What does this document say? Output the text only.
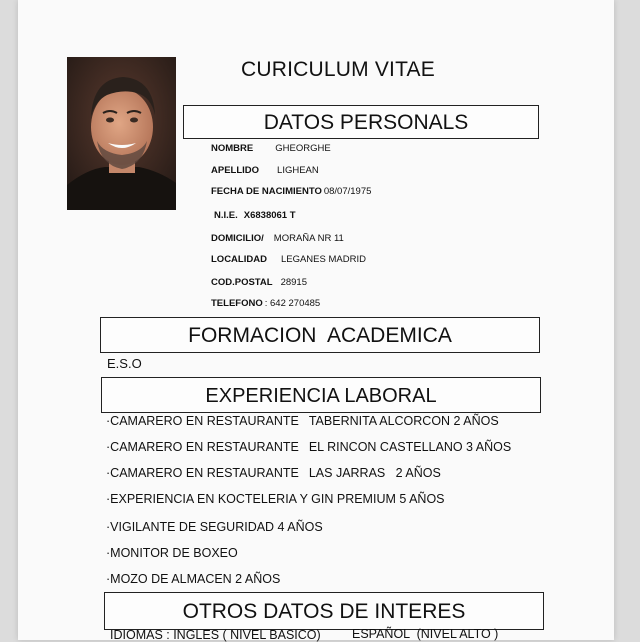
CURICULUM VITAE
DATOS PERSONALS
NOMBRE GHEORGHE
APELLIDO LIGHEAN
FECHA DE NACIMIENTO 08/07/1975
N.I.E. X6838061 T
DOMICILIO/ MORAÑA NR 11
LOCALIDAD LEGANES MADRID
COD.POSTAL 28915
TELEFONO : 642 270485
FORMACION  ACADEMICA
E.S.O
EXPERIENCIA LABORAL
·CAMARERO EN RESTAURANTE TABERNITA ALCORCON 2 AÑOS
·CAMARERO EN RESTAURANTE EL RINCON CASTELLANO 3 AÑOS
·CAMARERO EN RESTAURANTE LAS JARRAS   2 AÑOS
·EXPERIENCIA EN KOCTELERIA Y GIN PREMIUM 5 AÑOS
·VIGILANTE DE SEGURIDAD 4 AÑOS
·MONITOR DE BOXEO
·MOZO DE ALMACEN 2 AÑOS
OTROS DATOS DE INTERES
IDIOMAS : INGLES ( NIVEL BASICO)	ESPAÑOL  (NIVEL ALTO )
